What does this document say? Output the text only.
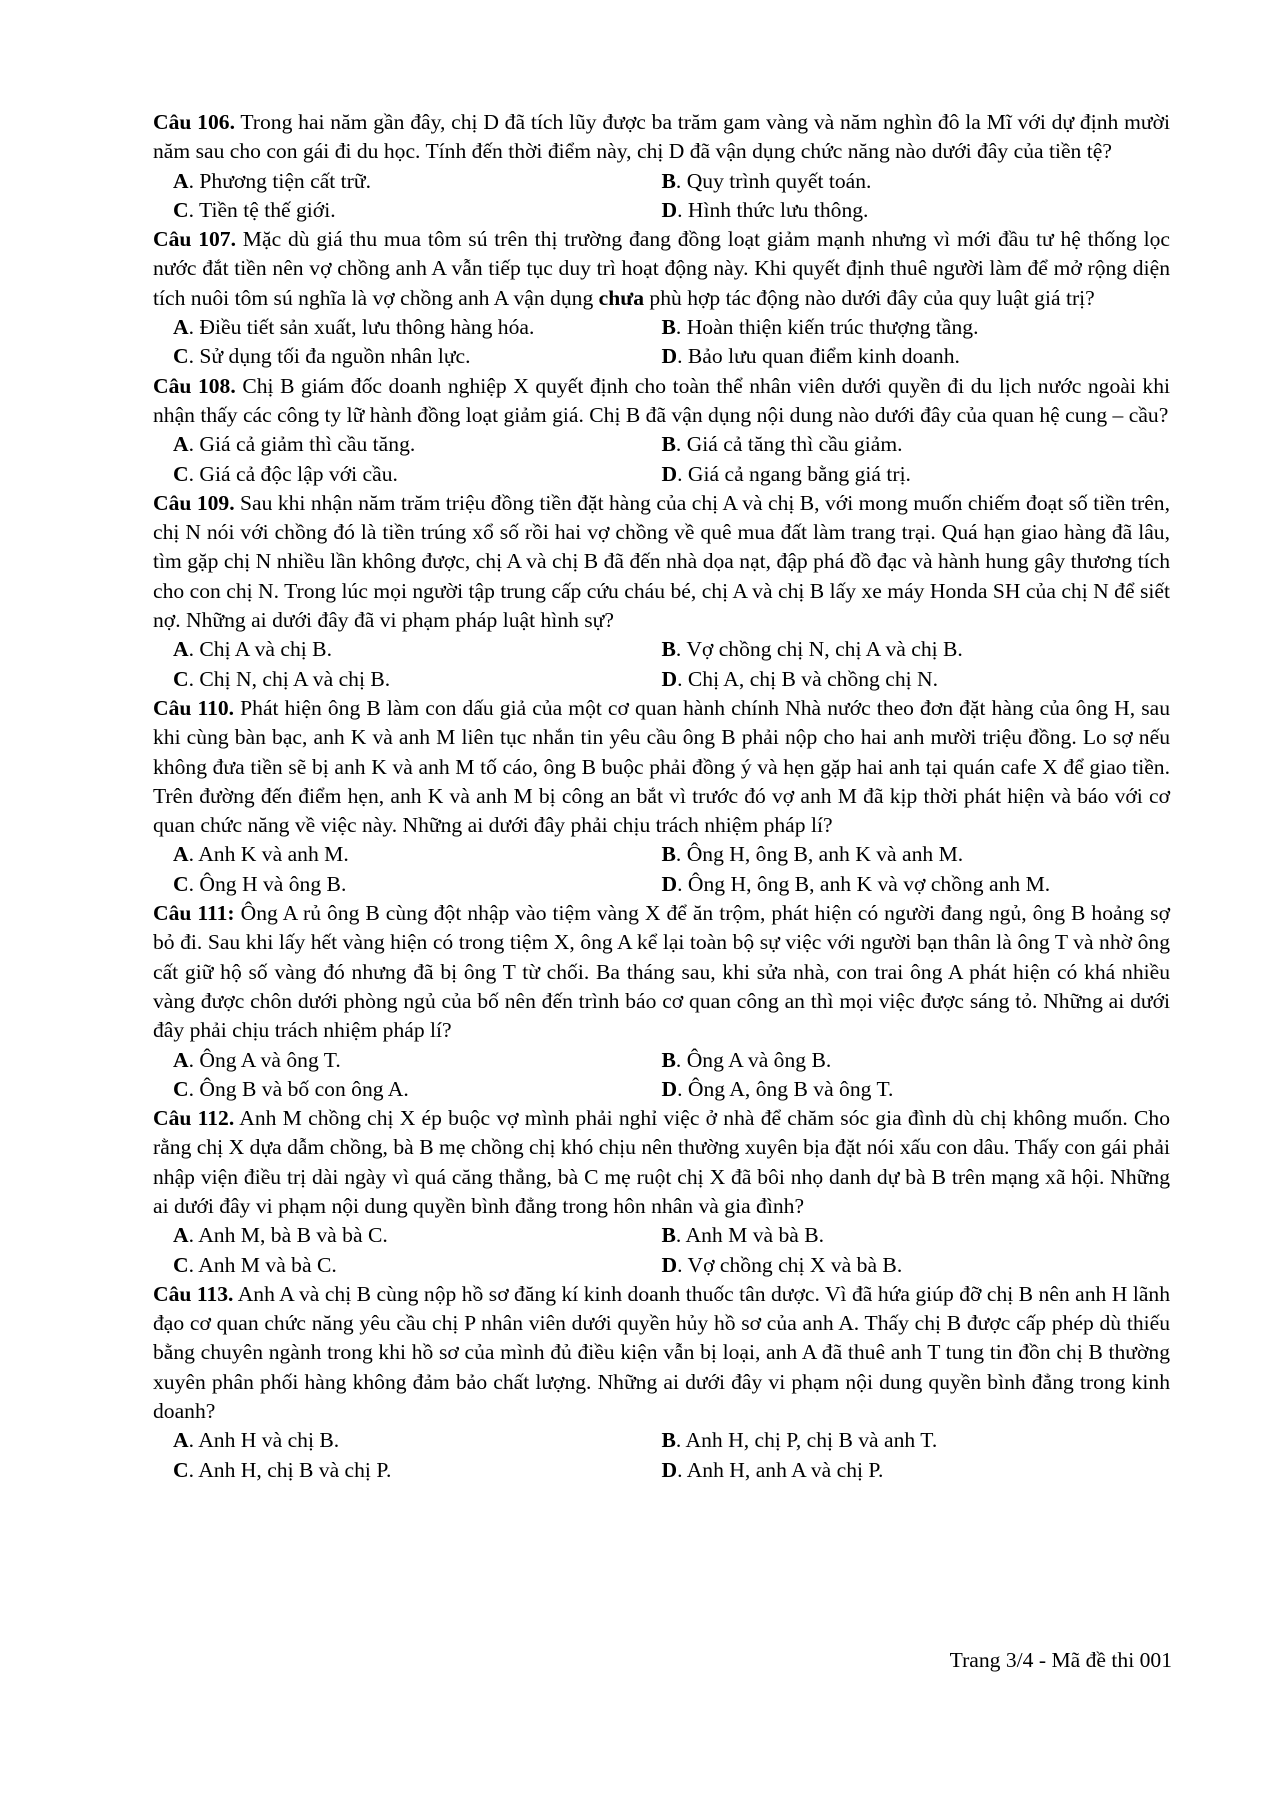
Câu 106. Trong hai năm gần đây, chị D đã tích lũy được ba trăm gam vàng và năm nghìn đô la Mĩ với dự định mười năm sau cho con gái đi du học. Tính đến thời điểm này, chị D đã vận dụng chức năng nào dưới đây của tiền tệ?

A. Phương tiện cất trữ.	B. Quy trình quyết toán.
C. Tiền tệ thế giới.	D. Hình thức lưu thông.

Câu 107. Mặc dù giá thu mua tôm sú trên thị trường đang đồng loạt giảm mạnh nhưng vì mới đầu tư hệ thống lọc nước đắt tiền nên vợ chồng anh A vẫn tiếp tục duy trì hoạt động này. Khi quyết định thuê người làm để mở rộng diện tích nuôi tôm sú nghĩa là vợ chồng anh A vận dụng chưa phù hợp tác động nào dưới đây của quy luật giá trị?

A. Điều tiết sản xuất, lưu thông hàng hóa.	B. Hoàn thiện kiến trúc thượng tầng.
C. Sử dụng tối đa nguồn nhân lực.	D. Bảo lưu quan điểm kinh doanh.

Câu 108. Chị B giám đốc doanh nghiệp X quyết định cho toàn thể nhân viên dưới quyền đi du lịch nước ngoài khi nhận thấy các công ty lữ hành đồng loạt giảm giá. Chị B đã vận dụng nội dung nào dưới đây của quan hệ cung – cầu?

A. Giá cả giảm thì cầu tăng.	B. Giá cả tăng thì cầu giảm.
C. Giá cả độc lập với cầu.	D. Giá cả ngang bằng giá trị.

Câu 109. Sau khi nhận năm trăm triệu đồng tiền đặt hàng của chị A và chị B, với mong muốn chiếm đoạt số tiền trên, chị N nói với chồng đó là tiền trúng xổ số rồi hai vợ chồng về quê mua đất làm trang trại. Quá hạn giao hàng đã lâu, tìm gặp chị N nhiều lần không được, chị A và chị B đã đến nhà dọa nạt, đập phá đồ đạc và hành hung gây thương tích cho con chị N. Trong lúc mọi người tập trung cấp cứu cháu bé, chị A và chị B lấy xe máy Honda SH của chị N để siết nợ. Những ai dưới đây đã vi phạm pháp luật hình sự?

A. Chị A và chị B.	B. Vợ chồng chị N, chị A và chị B.
C. Chị N, chị A và chị B.	D. Chị A, chị B và chồng chị N.

Câu 110. Phát hiện ông B làm con dấu giả của một cơ quan hành chính Nhà nước theo đơn đặt hàng của ông H, sau khi cùng bàn bạc, anh K và anh M liên tục nhắn tin yêu cầu ông B phải nộp cho hai anh mười triệu đồng. Lo sợ nếu không đưa tiền sẽ bị anh K và anh M tố cáo, ông B buộc phải đồng ý và hẹn gặp hai anh tại quán cafe X để giao tiền. Trên đường đến điểm hẹn, anh K và anh M bị công an bắt vì trước đó vợ anh M đã kịp thời phát hiện và báo với cơ quan chức năng về việc này. Những ai dưới đây phải chịu trách nhiệm pháp lí?

A. Anh K và anh M.	B. Ông H, ông B, anh K và anh M.
C. Ông H và ông B.	D. Ông H, ông B, anh K và vợ chồng anh M.

Câu 111: Ông A rủ ông B cùng đột nhập vào tiệm vàng X để ăn trộm, phát hiện có người đang ngủ, ông B hoảng sợ bỏ đi. Sau khi lấy hết vàng hiện có trong tiệm X, ông A kể lại toàn bộ sự việc với người bạn thân là ông T và nhờ ông cất giữ hộ số vàng đó nhưng đã bị ông T từ chối. Ba tháng sau, khi sửa nhà, con trai ông A phát hiện có khá nhiều vàng được chôn dưới phòng ngủ của bố nên đến trình báo cơ quan công an thì mọi việc được sáng tỏ. Những ai dưới đây phải chịu trách nhiệm pháp lí?

A. Ông A và ông T.	B. Ông A và ông B.
C. Ông B và bố con ông A.	D. Ông A, ông B và ông T.

Câu 112. Anh M chồng chị X ép buộc vợ mình phải nghỉ việc ở nhà để chăm sóc gia đình dù chị không muốn. Cho rằng chị X dựa dẫm chồng, bà B mẹ chồng chị khó chịu nên thường xuyên bịa đặt nói xấu con dâu. Thấy con gái phải nhập viện điều trị dài ngày vì quá căng thẳng, bà C mẹ ruột chị X đã bôi nhọ danh dự bà B trên mạng xã hội. Những ai dưới đây vi phạm nội dung quyền bình đẳng trong hôn nhân và gia đình?

A. Anh M, bà B và bà C.	B. Anh M và bà B.
C. Anh M và bà C.	D. Vợ chồng chị X và bà B.

Câu 113. Anh A và chị B cùng nộp hồ sơ đăng kí kinh doanh thuốc tân dược. Vì đã hứa giúp đỡ chị B nên anh H lãnh đạo cơ quan chức năng yêu cầu chị P nhân viên dưới quyền hủy hồ sơ của anh A. Thấy chị B được cấp phép dù thiếu bằng chuyên ngành trong khi hồ sơ của mình đủ điều kiện vẫn bị loại, anh A đã thuê anh T tung tin đồn chị B thường xuyên phân phối hàng không đảm bảo chất lượng. Những ai dưới đây vi phạm nội dung quyền bình đẳng trong kinh doanh?

A. Anh H và chị B.	B. Anh H, chị P, chị B và anh T.
C. Anh H, chị B và chị P.	D. Anh H, anh A và chị P.
Trang 3/4 - Mã đề thi 001
